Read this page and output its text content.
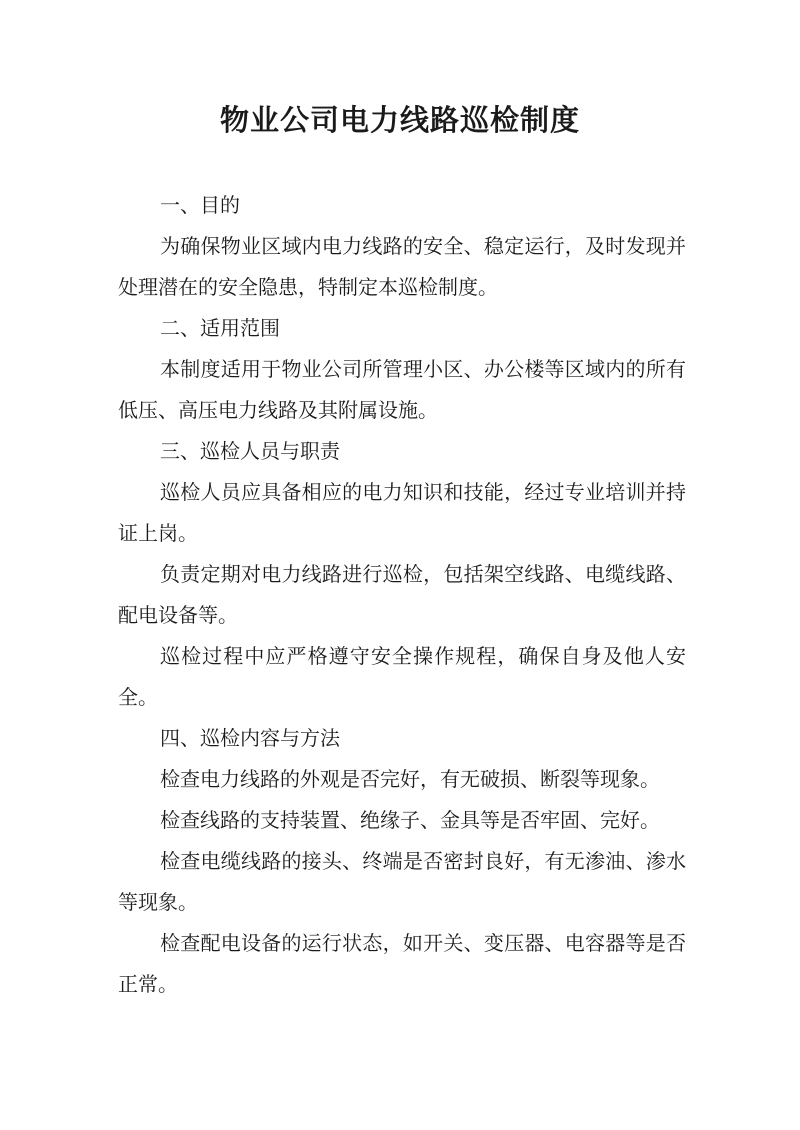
物业公司电力线路巡检制度

一、目的

为确保物业区域内电力线路的安全、稳定运行，及时发现并处理潜在的安全隐患，特制定本巡检制度。

二、适用范围

本制度适用于物业公司所管理小区、办公楼等区域内的所有低压、高压电力线路及其附属设施。

三、巡检人员与职责

巡检人员应具备相应的电力知识和技能，经过专业培训并持证上岗。

负责定期对电力线路进行巡检，包括架空线路、电缆线路、配电设备等。

巡检过程中应严格遵守安全操作规程，确保自身及他人安全。

四、巡检内容与方法

检查电力线路的外观是否完好，有无破损、断裂等现象。

检查线路的支持装置、绝缘子、金具等是否牢固、完好。

检查电缆线路的接头、终端是否密封良好，有无渗油、渗水等现象。

检查配电设备的运行状态，如开关、变压器、电容器等是否正常。
